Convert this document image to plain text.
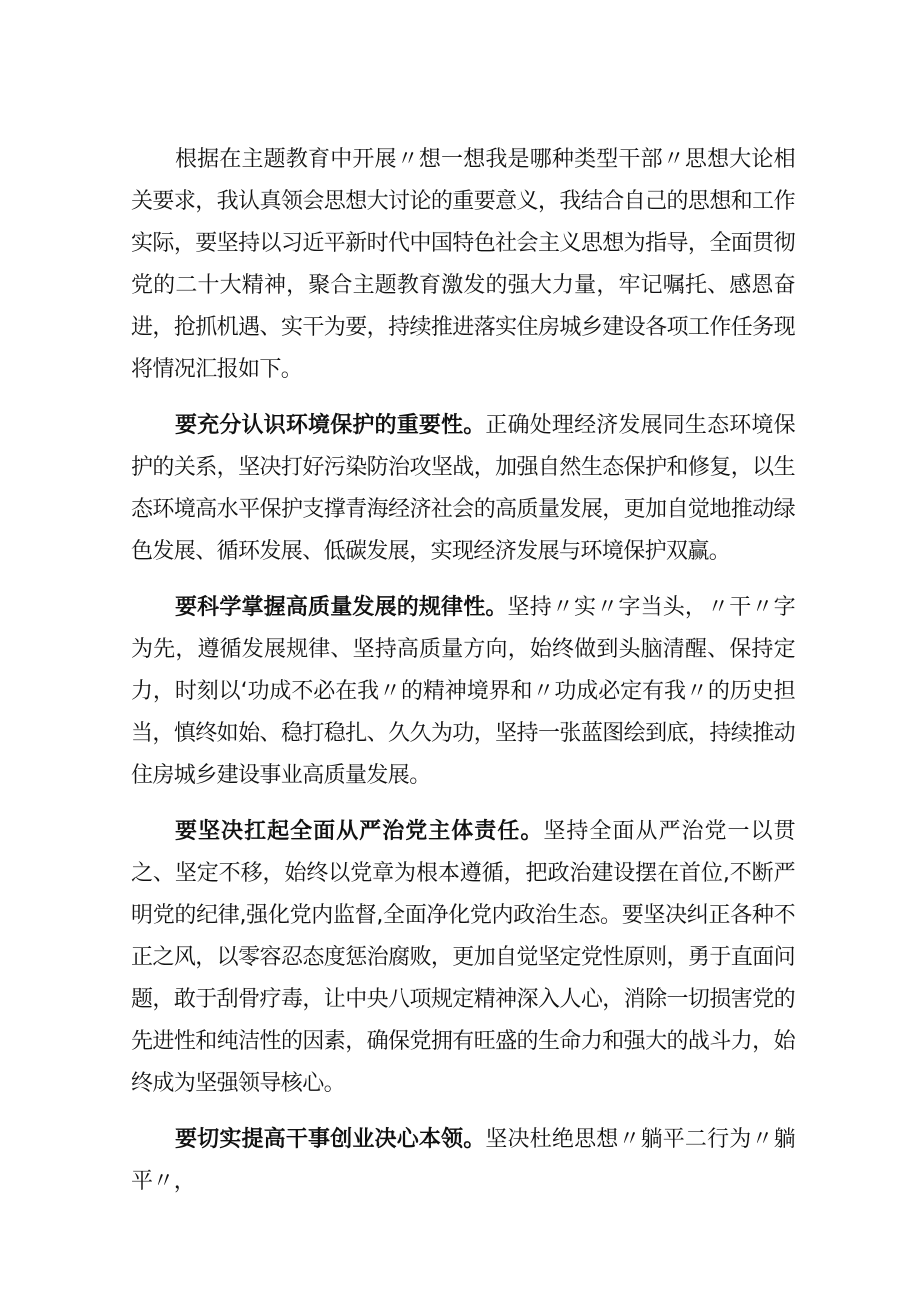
根据在主题教育中开展〃想一想我是哪种类型干部〃思想大论相关要求，我认真领会思想大讨论的重要意义，我结合自己的思想和工作实际，要坚持以习近平新时代中国特色社会主义思想为指导，全面贯彻党的二十大精神，聚合主题教育激发的强大力量，牢记嘱托、感恩奋进，抢抓机遇、实干为要，持续推进落实住房城乡建设各项工作任务现将情况汇报如下。

要充分认识环境保护的重要性。正确处理经济发展同生态环境保护的关系，坚决打好污染防治攻坚战，加强自然生态保护和修复，以生态环境高水平保护支撑青海经济社会的高质量发展，更加自觉地推动绿色发展、循环发展、低碳发展，实现经济发展与环境保护双赢。

要科学掌握高质量发展的规律性。坚持〃实〃字当头，〃干〃字为先，遵循发展规律、坚持高质量方向，始终做到头脑清醒、保持定力，时刻以‘功成不必在我〃的精神境界和〃功成必定有我〃的历史担当，慎终如始、稳打稳扎、久久为功，坚持一张蓝图绘到底，持续推动住房城乡建设事业高质量发展。

要坚决扛起全面从严治党主体责任。坚持全面从严治党一以贯之、坚定不移，始终以党章为根本遵循，把政治建设摆在首位,不断严明党的纪律,强化党内监督,全面净化党内政治生态。要坚决纠正各种不正之风，以零容忍态度惩治腐败，更加自觉坚定党性原则，勇于直面问题，敢于刮骨疗毒，让中央八项规定精神深入人心，消除一切损害党的先进性和纯洁性的因素，确保党拥有旺盛的生命力和强大的战斗力，始终成为坚强领导核心。

要切实提高干事创业决心本领。坚决杜绝思想〃躺平二行为〃躺平〃，
